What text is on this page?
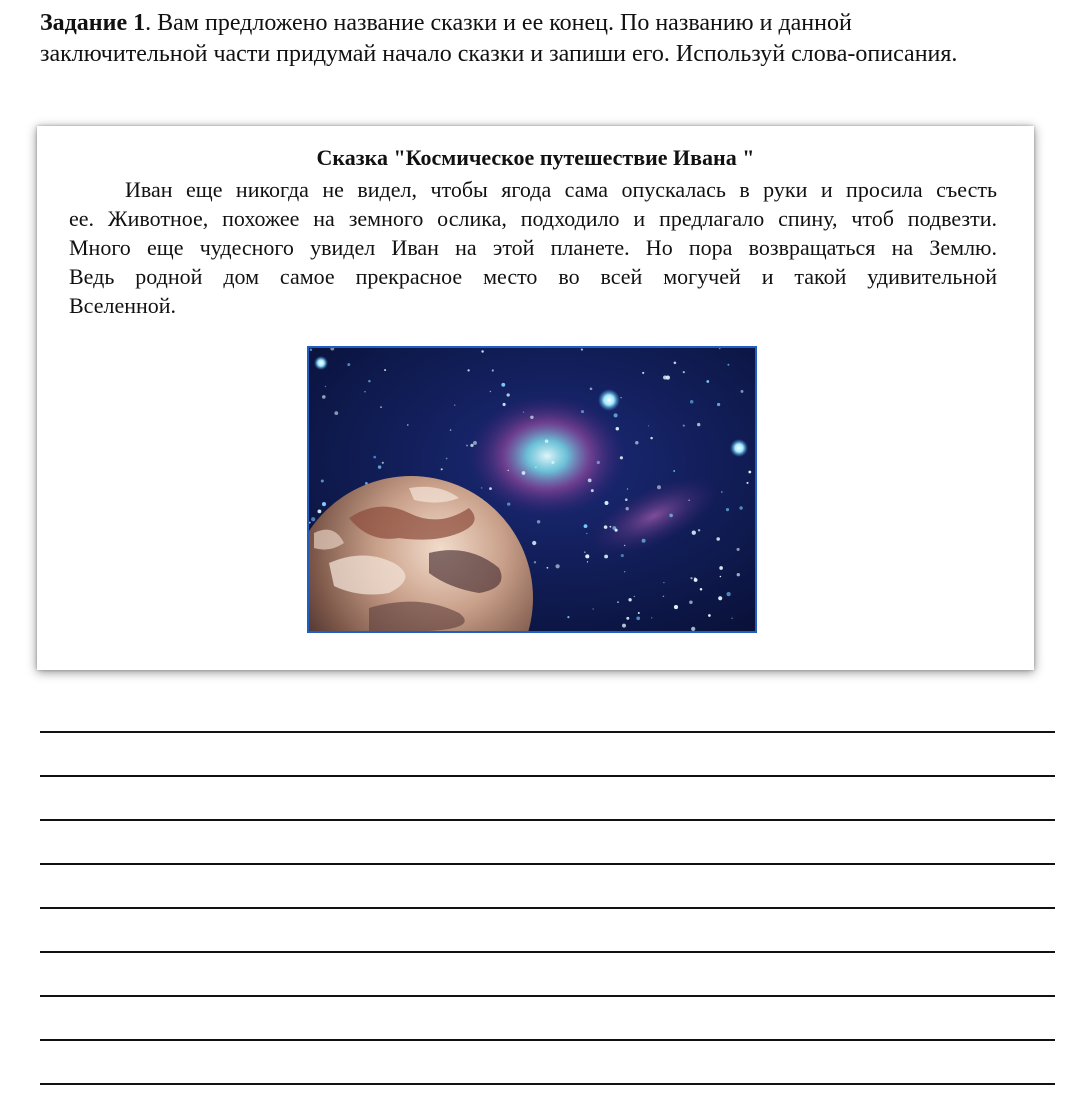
Задание 1. Вам предложено название сказки и ее конец. По названию и данной
заключительной части придумай начало сказки и запиши его. Используй слова-описания.
Сказка "Космическое путешествие Ивана "
Иван еще никогда не видел, чтобы ягода сама опускалась в руки и просила съесть
ее. Животное, похожее на земного ослика, подходило и предлагало спину, чтоб подвезти.
Много еще чудесного увидел Иван на этой планете. Но пора возвращаться на Землю.
Ведь родной дом самое прекрасное место во всей могучей и такой удивительной
Вселенной.
